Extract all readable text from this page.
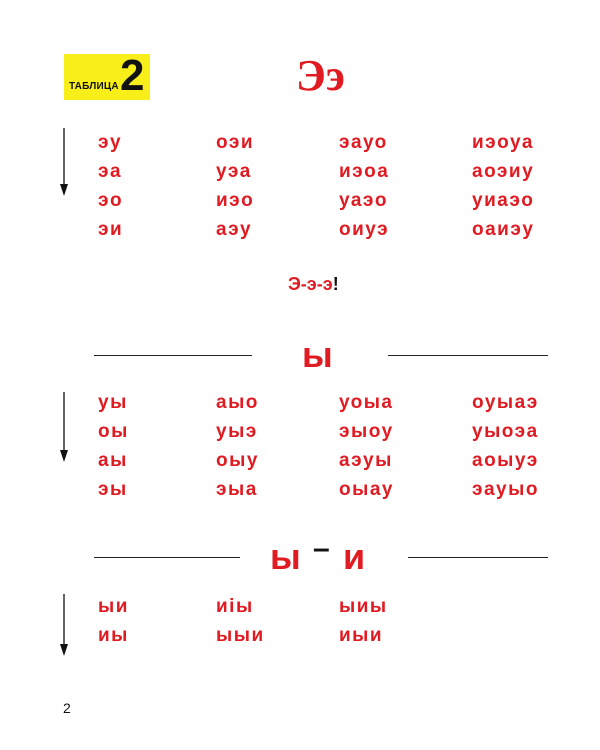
ТАБЛИЦА 2	Ээ
эу
эа
эо
эи
оэи
уэа
иэо
аэу
эауо
иэоа
уаэо
оиуэ
иэоуа
аоэиу
уиаэо
оаиэу
Э-э-э!
ы
уы
оы
аы
эы
аыо
уыэ
оыу
эыа
уоыа
эыоу
аэуы
оыау
оуыаэ
уыоэа
аоыуэ
эауыо
ы – и
ыи
иы
иiы
ыыи
ыиы
иыи
2
